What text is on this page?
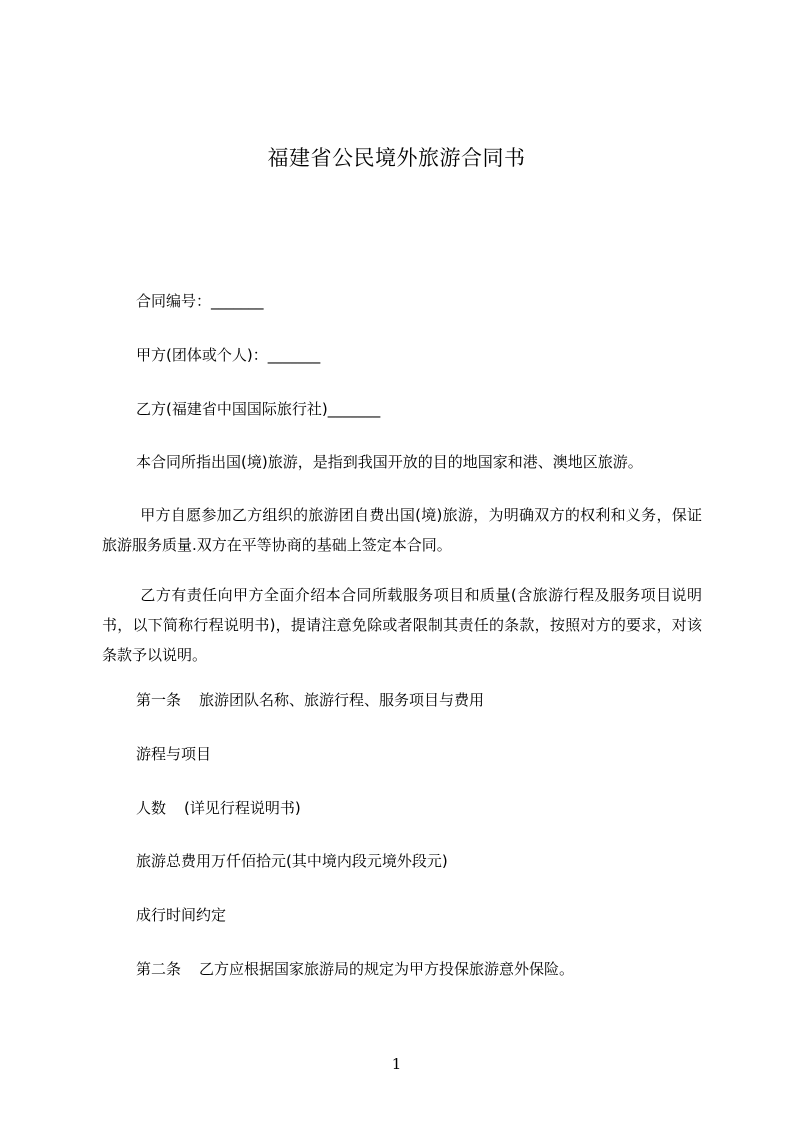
福建省公民境外旅游合同书
合同编号：_______
甲方(团体或个人)：_______
乙方(福建省中国国际旅行社)_______
本合同所指出国(境)旅游，是指到我国开放的目的地国家和港、澳地区旅游。
甲方自愿参加乙方组织的旅游团自费出国(境)旅游，为明确双方的权利和义务，保证旅游服务质量.双方在平等协商的基础上签定本合同。
乙方有责任向甲方全面介绍本合同所载服务项目和质量(含旅游行程及服务项目说明书，以下简称行程说明书)，提请注意免除或者限制其责任的条款，按照对方的要求，对该条款予以说明。
第一条 旅游团队名称、旅游行程、服务项目与费用
游程与项目
人数 (详见行程说明书)
旅游总费用万仟佰拾元(其中境内段元境外段元)
成行时间约定
第二条 乙方应根据国家旅游局的规定为甲方投保旅游意外保险。
1
